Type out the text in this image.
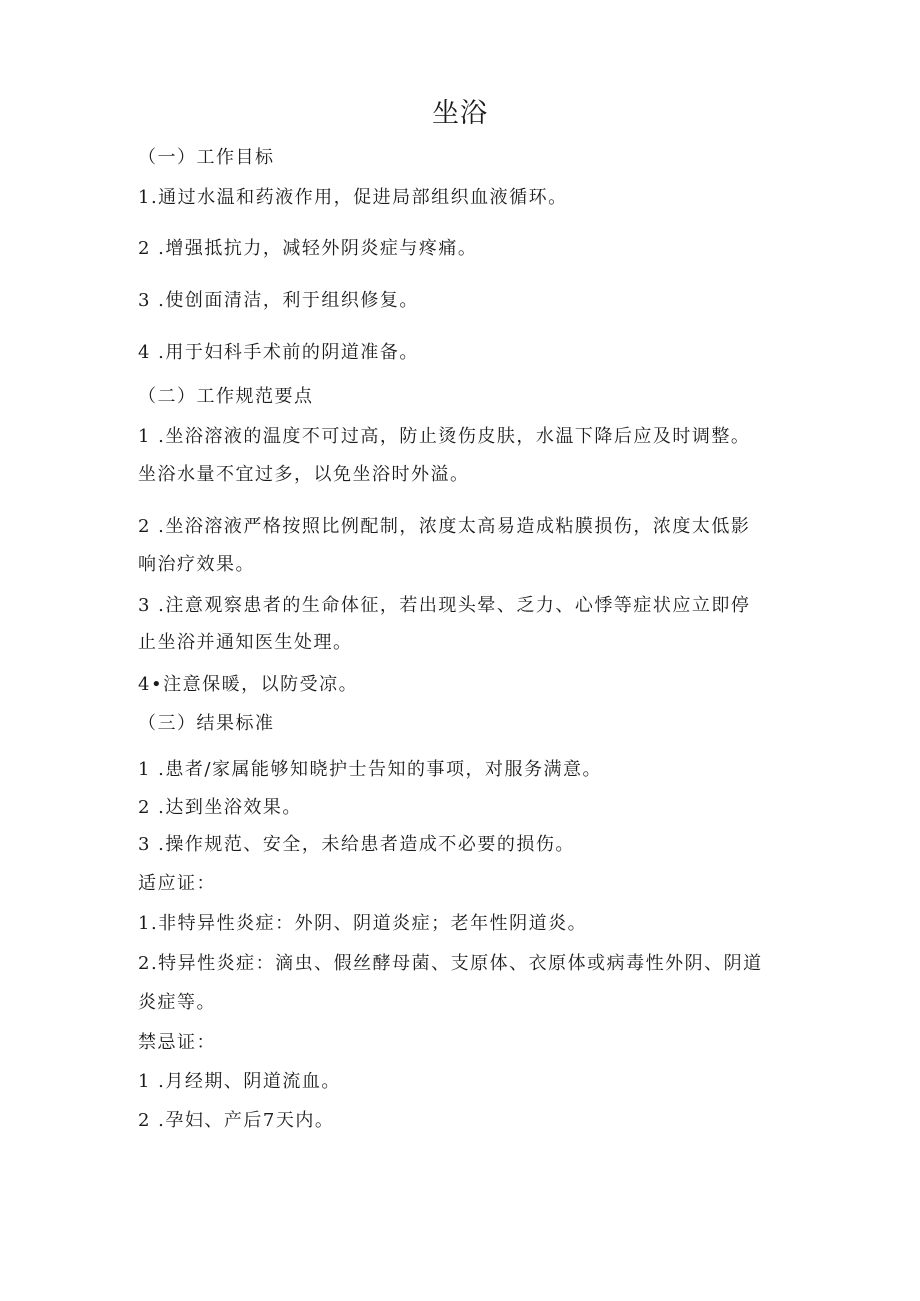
坐浴
（一）工作目标
1.通过水温和药液作用，促进局部组织血液循环。
2 .增强抵抗力，减轻外阴炎症与疼痛。
3 .使创面清洁，利于组织修复。
4 .用于妇科手术前的阴道准备。
（二）工作规范要点
1 .坐浴溶液的温度不可过高，防止烫伤皮肤，水温下降后应及时调整。
坐浴水量不宜过多，以免坐浴时外溢。
2 .坐浴溶液严格按照比例配制，浓度太高易造成粘膜损伤，浓度太低影
响治疗效果。
3 .注意观察患者的生命体征，若出现头晕、乏力、心悸等症状应立即停
止坐浴并通知医生处理。
4•注意保暖，以防受凉。
（三）结果标准
1 .患者/家属能够知晓护士告知的事项，对服务满意。
2 .达到坐浴效果。
3 .操作规范、安全，未给患者造成不必要的损伤。
适应证：
1.非特异性炎症：外阴、阴道炎症；老年性阴道炎。
2.特异性炎症：滴虫、假丝酵母菌、支原体、衣原体或病毒性外阴、阴道
炎症等。
禁忌证：
1 .月经期、阴道流血。
2 .孕妇、产后7天内。
